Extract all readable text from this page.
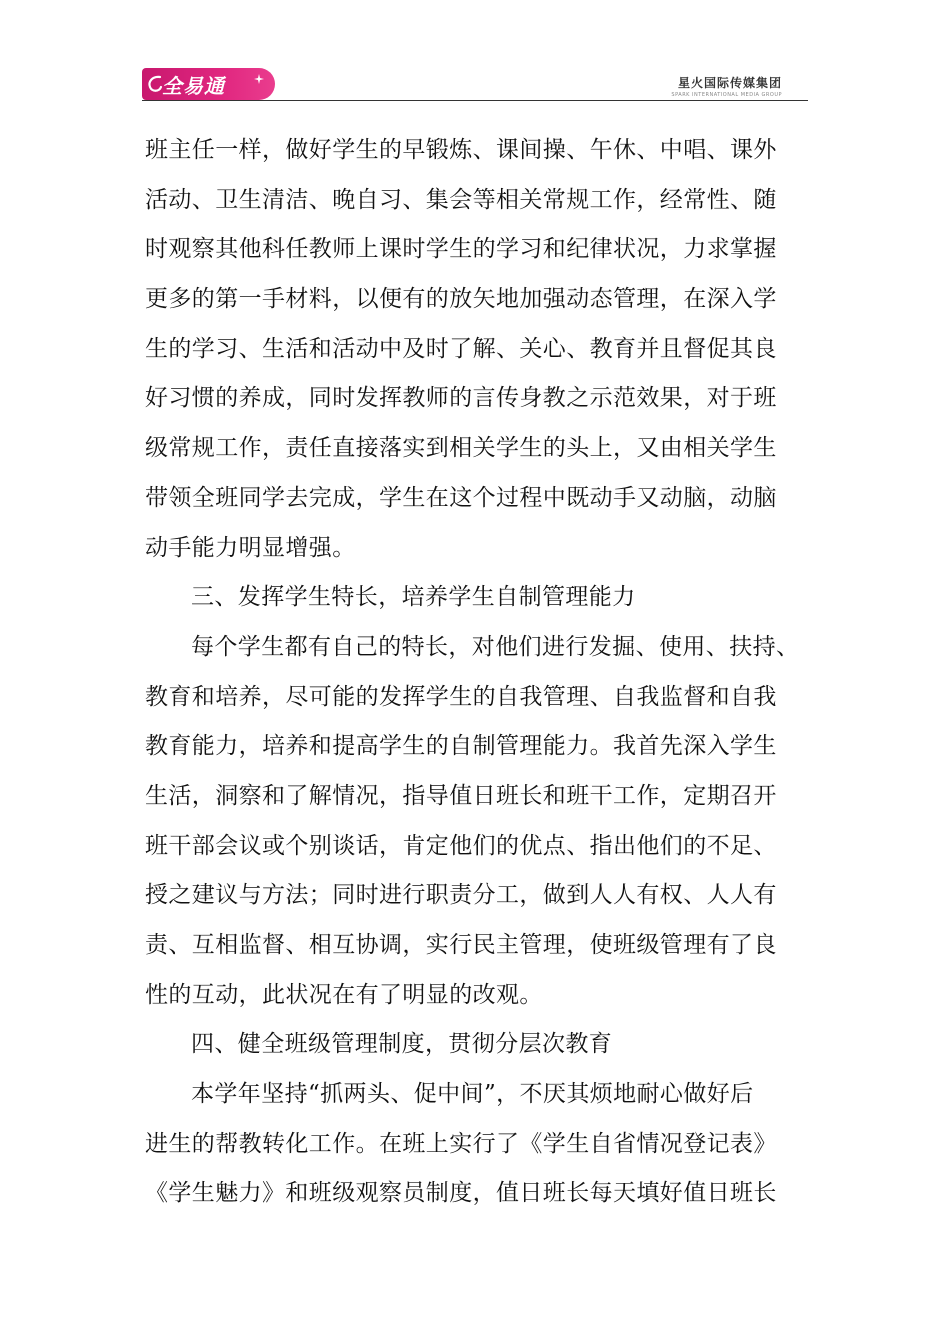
全易通	星火国际传媒集团
SPARK INTERNATIONAL MEDIA GROUP
班主任一样，做好学生的早锻炼、课间操、午休、中唱、课外
活动、卫生清洁、晚自习、集会等相关常规工作，经常性、随
时观察其他科任教师上课时学生的学习和纪律状况，力求掌握
更多的第一手材料，以便有的放矢地加强动态管理，在深入学
生的学习、生活和活动中及时了解、关心、教育并且督促其良
好习惯的养成，同时发挥教师的言传身教之示范效果，对于班
级常规工作，责任直接落实到相关学生的头上，又由相关学生
带领全班同学去完成，学生在这个过程中既动手又动脑，动脑
动手能力明显增强。
三、发挥学生特长，培养学生自制管理能力
每个学生都有自己的特长，对他们进行发掘、使用、扶持、
教育和培养，尽可能的发挥学生的自我管理、自我监督和自我
教育能力，培养和提高学生的自制管理能力。我首先深入学生
生活，洞察和了解情况，指导值日班长和班干工作，定期召开
班干部会议或个别谈话，肯定他们的优点、指出他们的不足、
授之建议与方法；同时进行职责分工，做到人人有权、人人有
责、互相监督、相互协调，实行民主管理，使班级管理有了良
性的互动，此状况在有了明显的改观。
四、健全班级管理制度，贯彻分层次教育
本学年坚持“抓两头、促中间”，不厌其烦地耐心做好后
进生的帮教转化工作。在班上实行了《学生自省情况登记表》
《学生魅力》和班级观察员制度，值日班长每天填好值日班长
